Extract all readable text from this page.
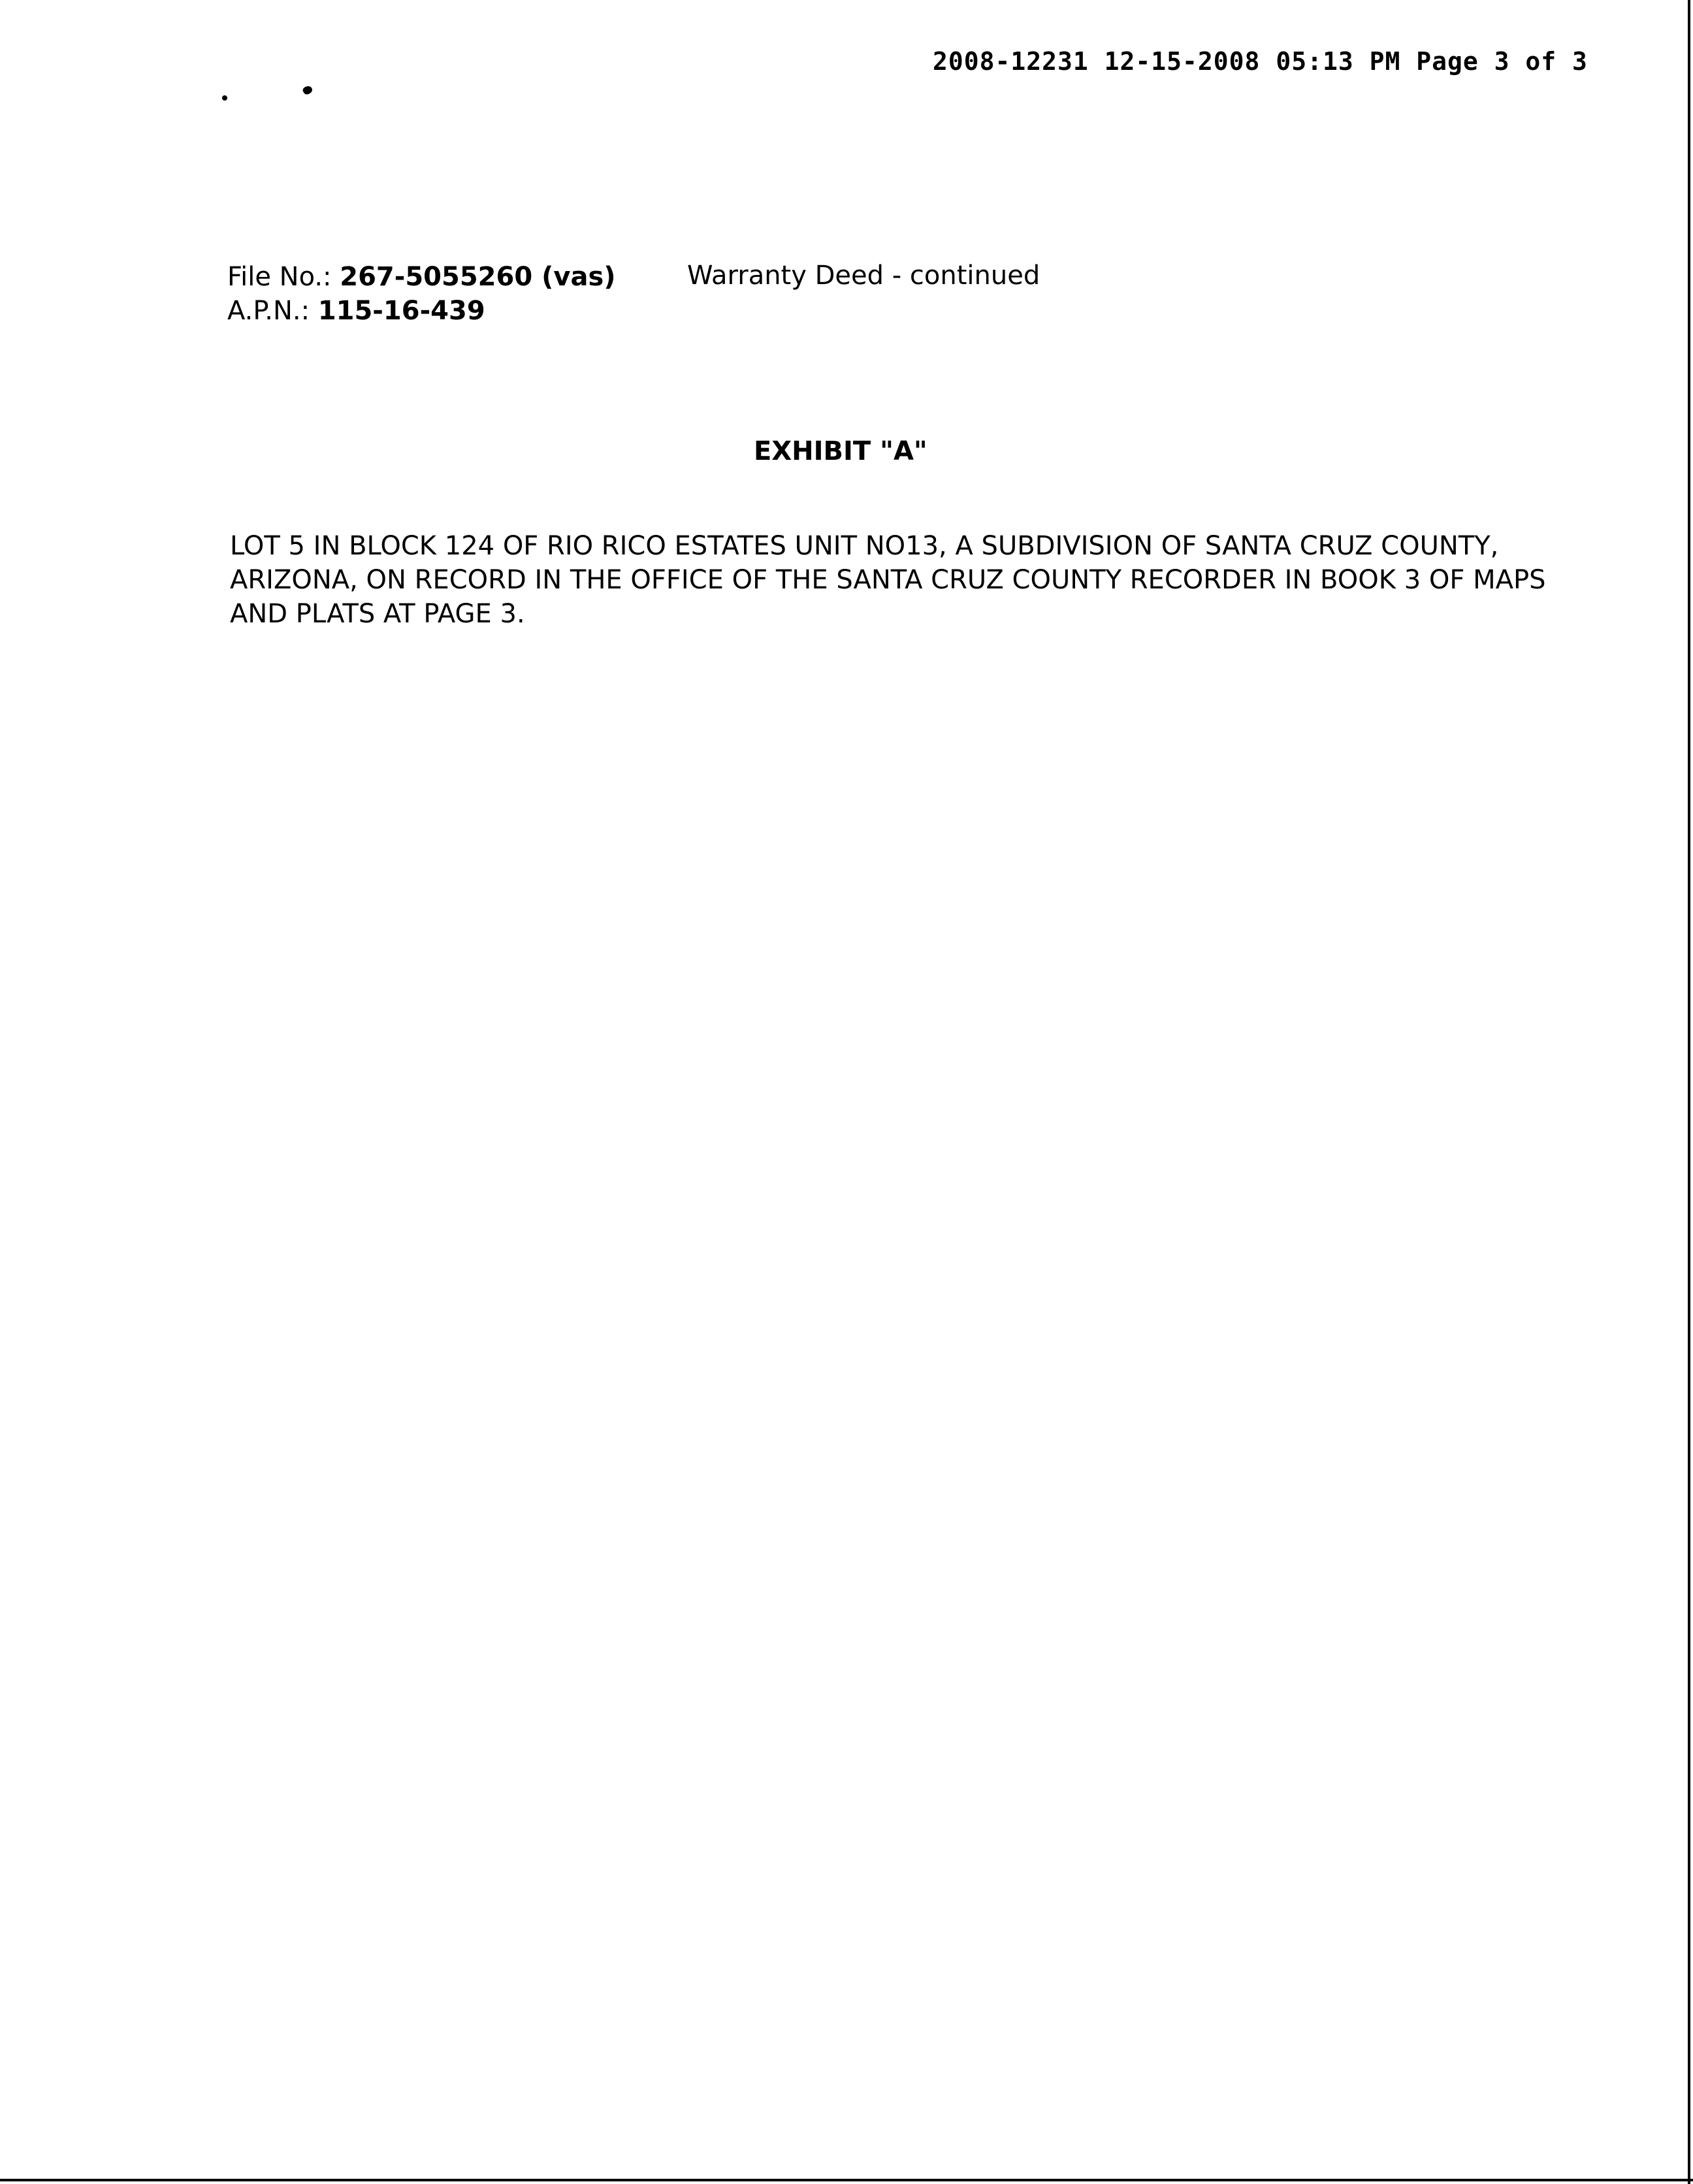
2008-12231 12-15-2008 05:13 PM Page 3 of 3
File No.: 267-5055260 (vas)
A.P.N.: 115-16-439
Warranty Deed - continued
EXHIBIT "A"
LOT 5 IN BLOCK 124 OF RIO RICO ESTATES UNIT NO13, A SUBDIVISION OF SANTA CRUZ COUNTY,
ARIZONA, ON RECORD IN THE OFFICE OF THE SANTA CRUZ COUNTY RECORDER IN BOOK 3 OF MAPS
AND PLATS AT PAGE 3.
